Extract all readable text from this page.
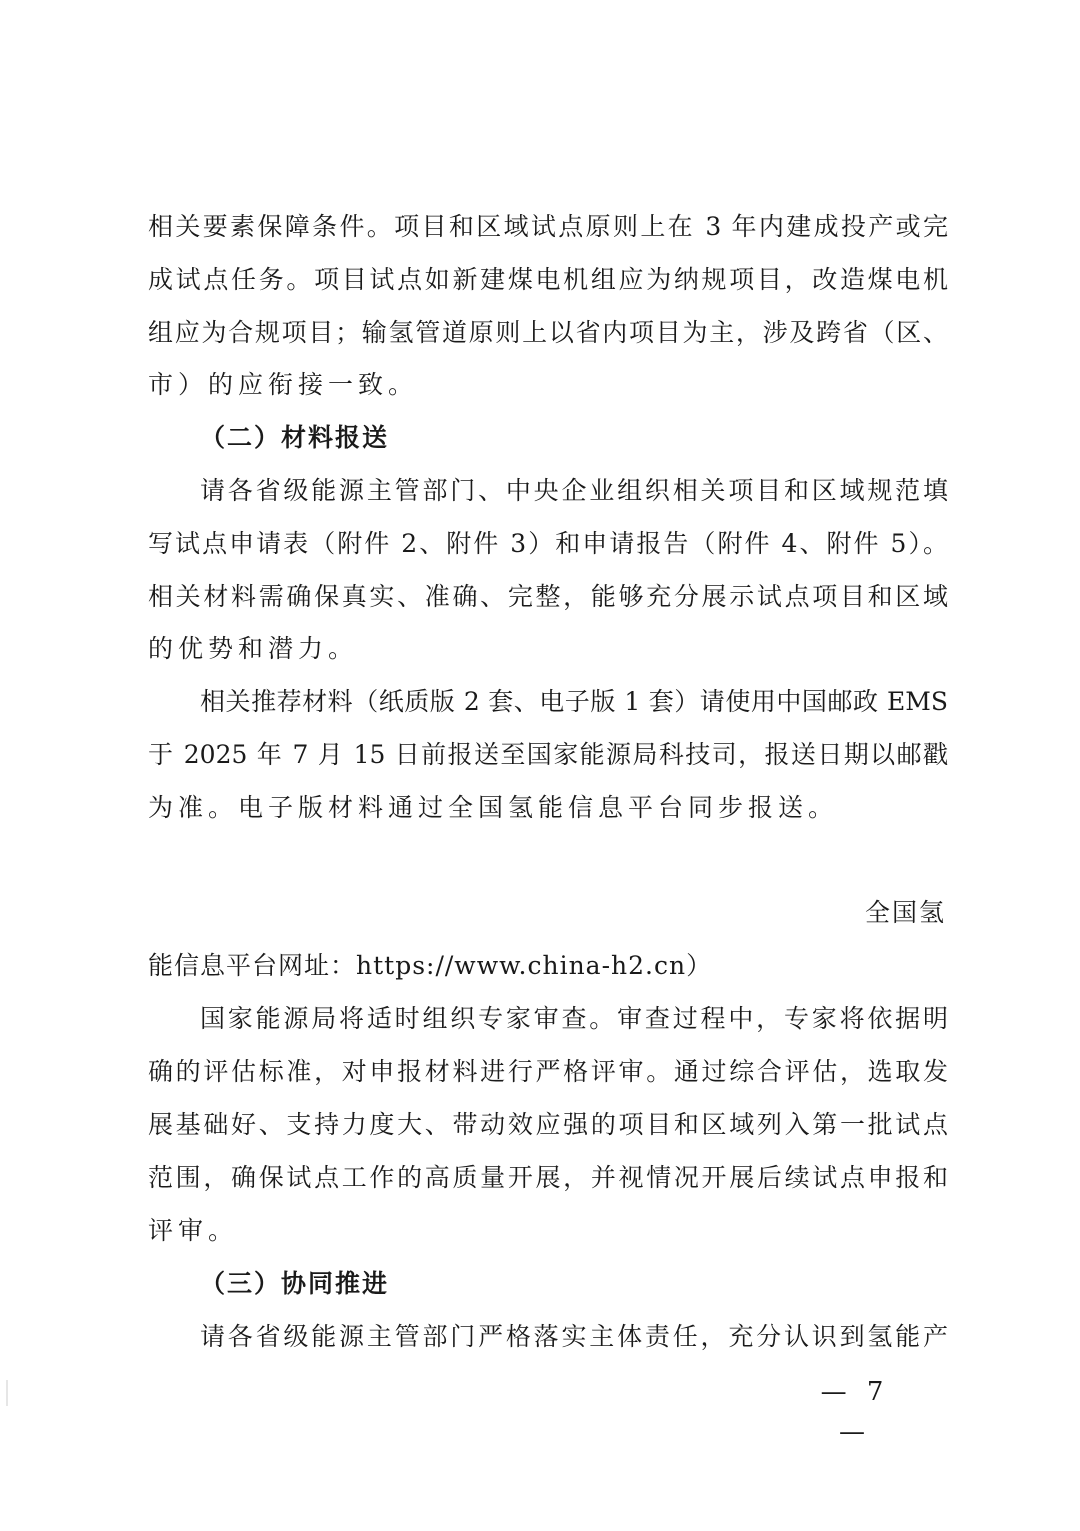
相关要素保障条件。项目和区域试点原则上在 3 年内建成投产或完
成试点任务。项目试点如新建煤电机组应为纳规项目，改造煤电机
组应为合规项目；输氢管道原则上以省内项目为主，涉及跨省（区、
市）的应衔接一致。
（二）材料报送
请各省级能源主管部门、中央企业组织相关项目和区域规范填
写试点申请表（附件 2、附件 3）和申请报告（附件 4、附件 5）。
相关材料需确保真实、准确、完整，能够充分展示试点项目和区域
的优势和潜力。
相关推荐材料（纸质版 2 套、电子版 1 套）请使用中国邮政 EMS
于 2025 年 7 月 15 日前报送至国家能源局科技司，报送日期以邮戳
为准。电子版材料通过全国氢能信息平台同步报送。
全国氢
能信息平台网址：https://www.china-h2.cn）
国家能源局将适时组织专家审查。审查过程中，专家将依据明
确的评估标准，对申报材料进行严格评审。通过综合评估，选取发
展基础好、支持力度大、带动效应强的项目和区域列入第一批试点
范围，确保试点工作的高质量开展，并视情况开展后续试点申报和
评审。
（三）协同推进
请各省级能源主管部门严格落实主体责任，充分认识到氢能产
— 7 —
